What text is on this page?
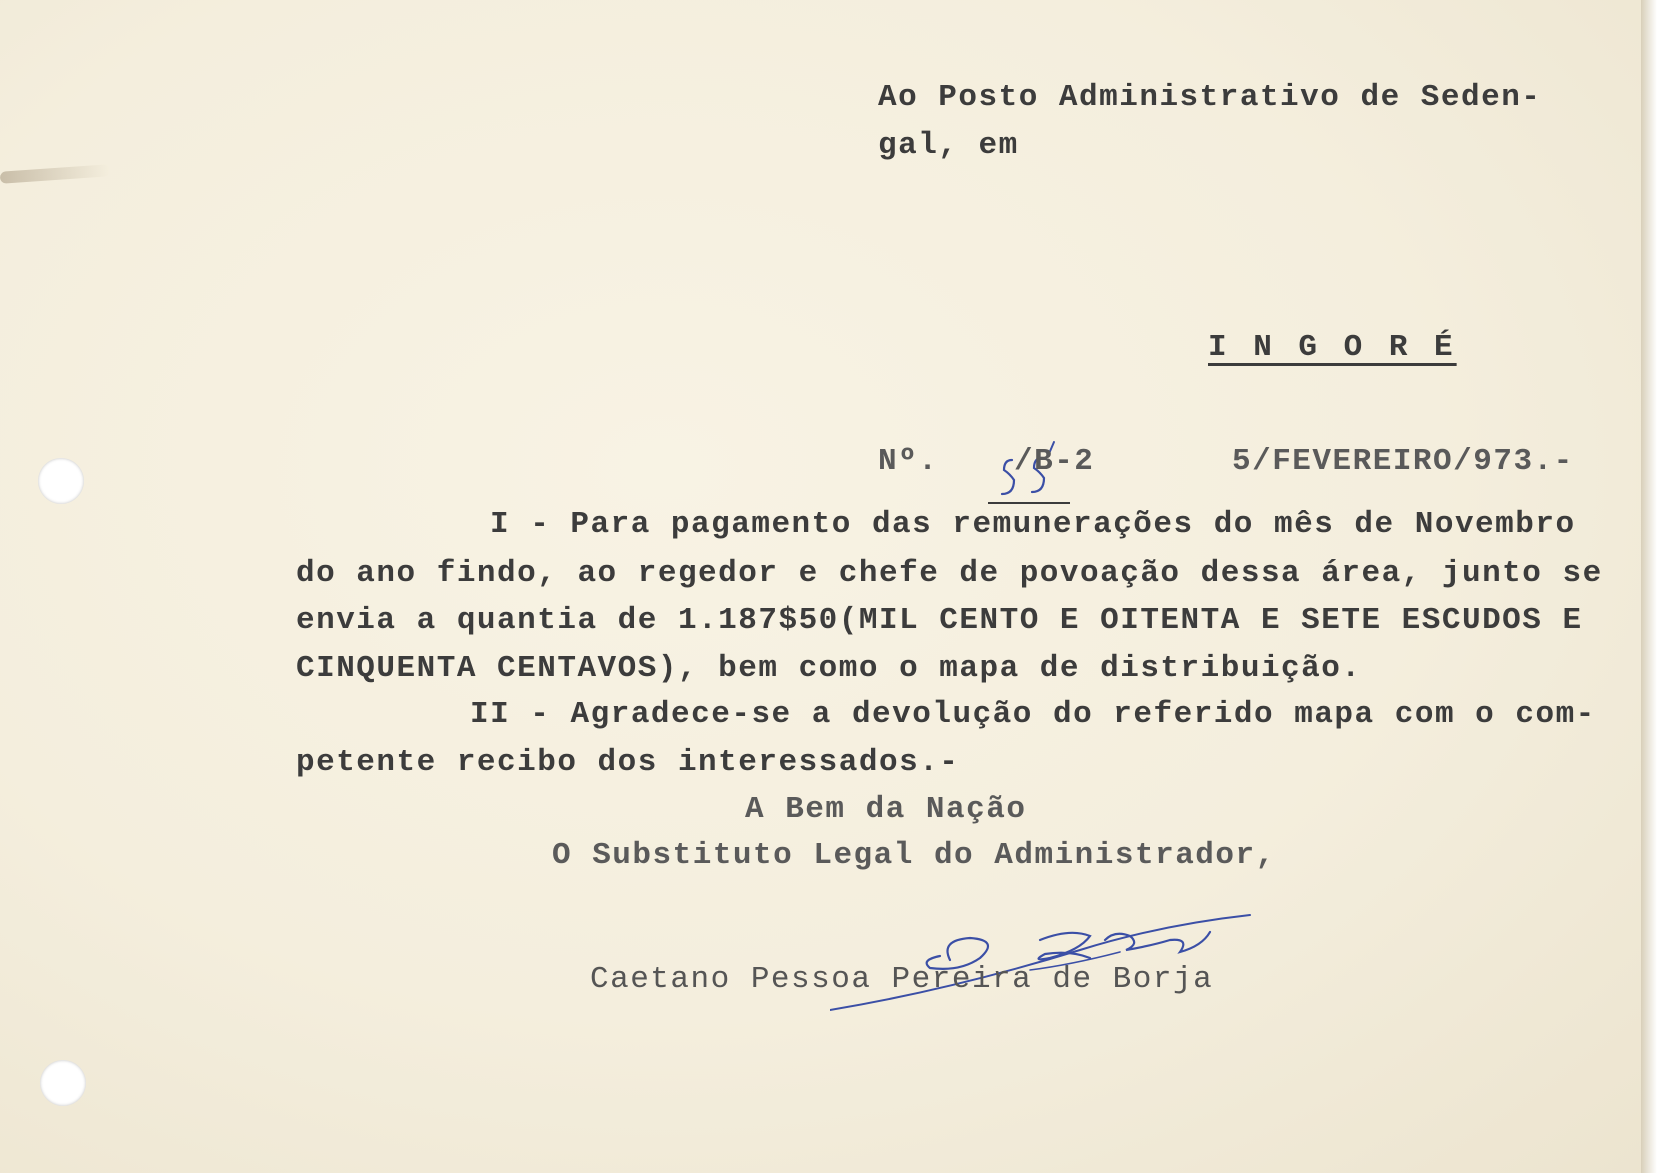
Ao Posto Administrativo de Seden-
gal, em
I N G O R É
Nº. /B-2	5/FEVEREIRO/973.-
I - Para pagamento das remunerações do mês de Novembro
do ano findo, ao regedor e chefe de povoação dessa área, junto se
envia a quantia de 1.187$50(MIL CENTO E OITENTA E SETE ESCUDOS E
CINQUENTA CENTAVOS), bem como o mapa de distribuição.
II - Agradece-se a devolução do referido mapa com o com-
petente recibo dos interessados.-
A Bem da Nação
O Substituto Legal do Administrador,
Caetano Pessoa Pereira de Borja
